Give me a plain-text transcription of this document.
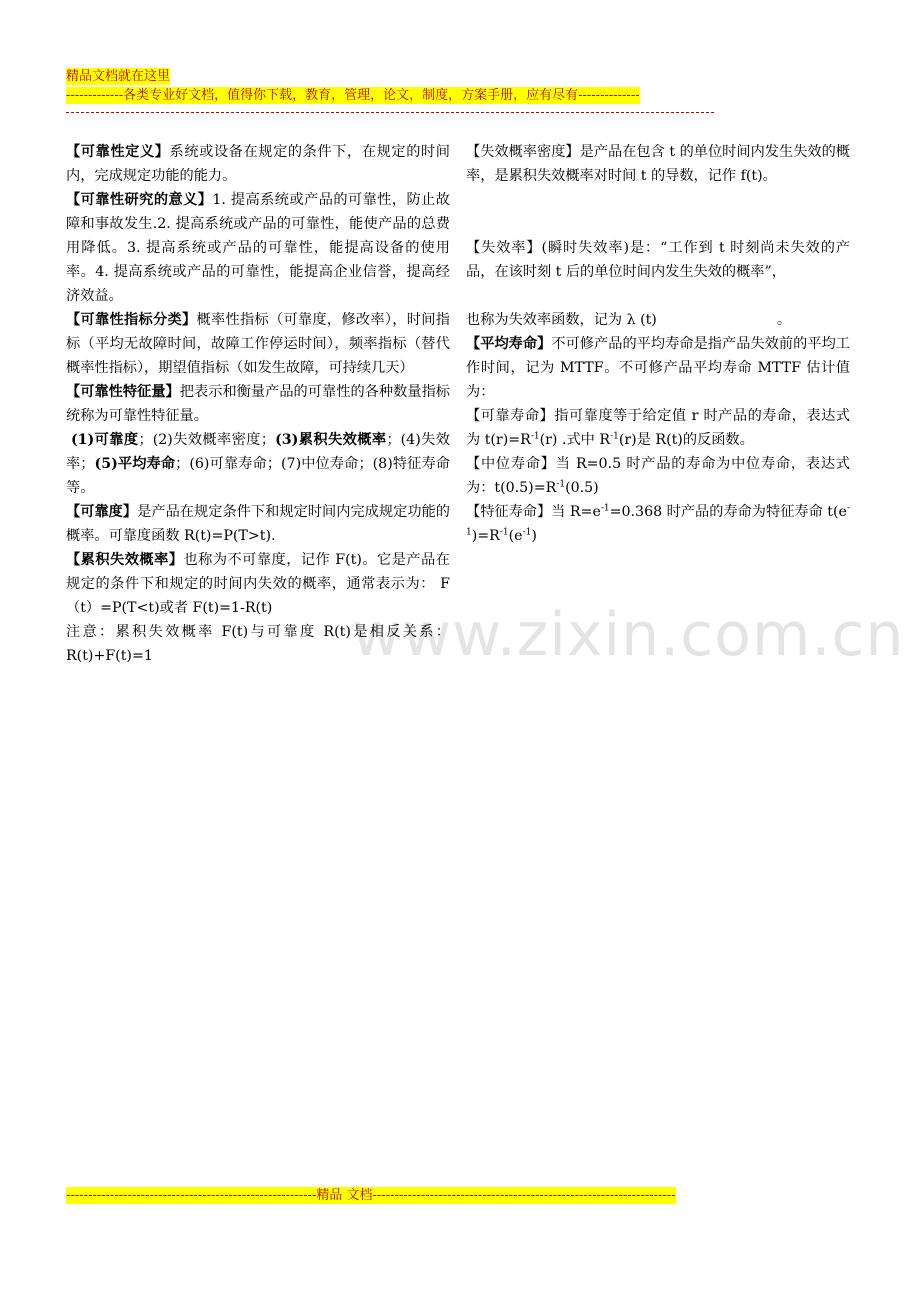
精品文档就在这里
-------------各类专业好文档，值得你下载，教育，管理，论文，制度，方案手册，应有尽有--------------
www.zixin.com.cn

【可靠性定义】系统或设备在规定的条件下，在规定的时间内，完成规定功能的能力。

【可靠性研究的意义】1. 提高系统或产品的可靠性，防止故障和事故发生.2. 提高系统或产品的可靠性，能使产品的总费用降低。3. 提高系统或产品的可靠性，能提高设备的使用率。4. 提高系统或产品的可靠性，能提高企业信誉，提高经济效益。

【可靠性指标分类】概率性指标（可靠度，修改率），时间指标（平均无故障时间，故障工作停运时间），频率指标（替代概率性指标），期望值指标（如发生故障，可持续几天）

【可靠性特征量】把表示和衡量产品的可靠性的各种数量指标统称为可靠性特征量。

(1)可靠度；(2)失效概率密度；(3)累积失效概率；(4)失效率；(5)平均寿命；(6)可靠寿命；(7)中位寿命；(8)特征寿命等。

【可靠度】是产品在规定条件下和规定时间内完成规定功能的概率。可靠度函数 R(t)=P(T>t).

【累积失效概率】也称为不可靠度，记作 F(t)。它是产品在规定的条件下和规定的时间内失效的概率，通常表示为： F（t）=P(T<t)或者 F(t)=1-R(t)

注意：累积失效概率 F(t)与可靠度 R(t)是相反关系：R(t)+F(t)=1

【失效概率密度】是产品在包含 t 的单位时间内发生失效的概率，是累积失效概率对时间 t 的导数，记作 f(t)。

【失效率】(瞬时失效率)是：“工作到 t 时刻尚未失效的产品，在该时刻 t 后的单位时间内发生失效的概率”，

也称为失效率函数，记为 λ (t)	。

【平均寿命】不可修产品的平均寿命是指产品失效前的平均工作时间，记为 MTTF。不可修产品平均寿命 MTTF 估计值为：

【可靠寿命】指可靠度等于给定值 r 时产品的寿命，表达式为 $t(r)=R^{-1}(r)$ .式中 $R^{-1}(r)$是 R(t)的反函数。

【中位寿命】当 R=0.5 时产品的寿命为中位寿命，表达式为：$t(0.5)=R^{-1}(0.5)$

【特征寿命】当 $R=e^{-1}=0.368$ 时产品的寿命为特征寿命 $t(e^{-1})=R^{-1}(e^{-1})$

---------------------------------------------------------精品 文档---------------------------------------------------------------------
